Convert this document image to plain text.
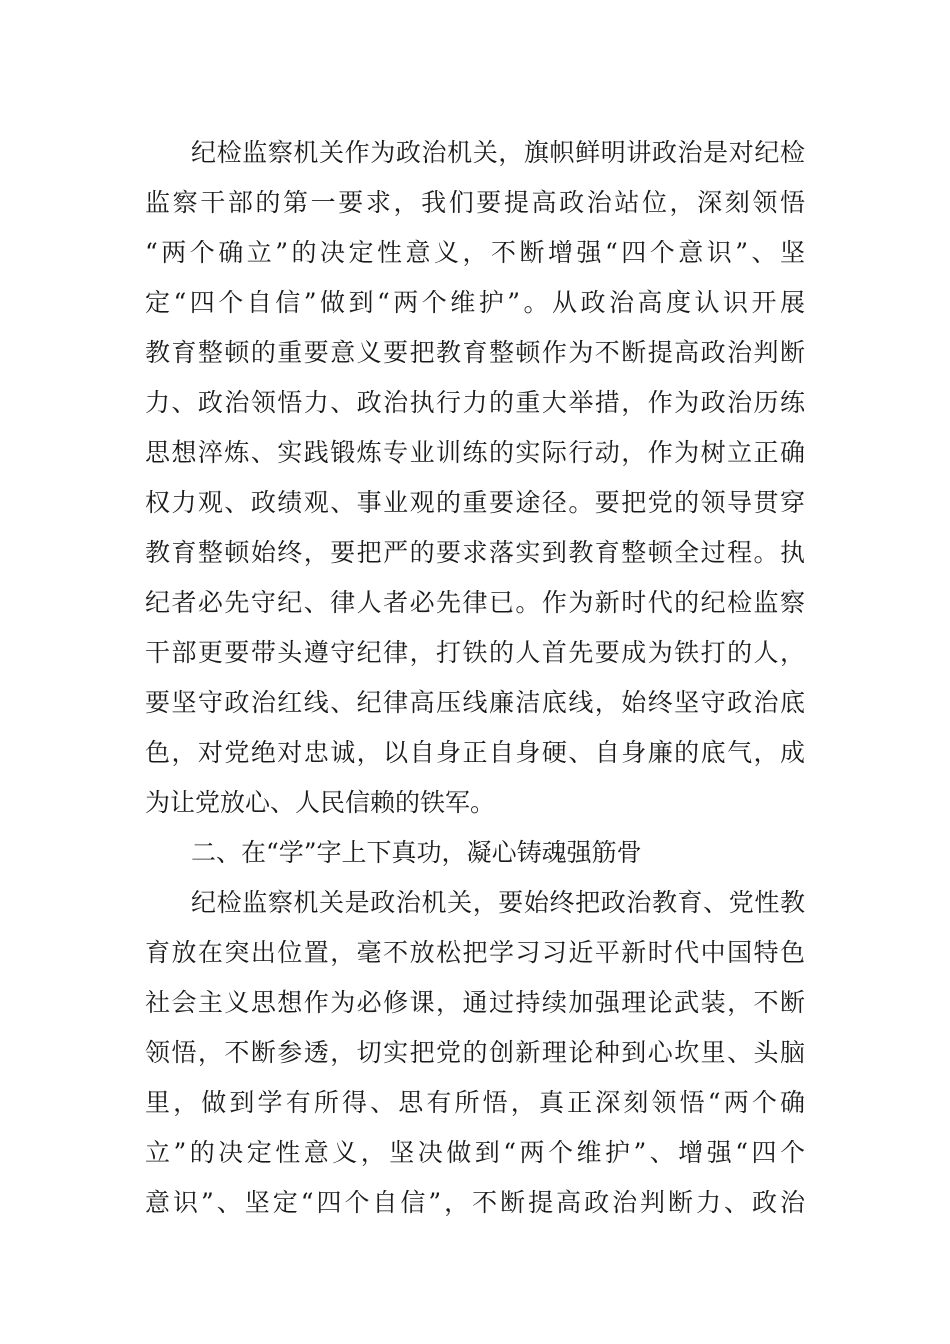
纪检监察机关作为政治机关，旗帜鲜明讲政治是对纪检
监察干部的第一要求，我们要提高政治站位，深刻领悟
“两个确立”的决定性意义，不断增强“四个意识”、坚
定“四个自信”做到“两个维护”。从政治高度认识开展
教育整顿的重要意义要把教育整顿作为不断提高政治判断
力、政治领悟力、政治执行力的重大举措，作为政治历练
思想淬炼、实践锻炼专业训练的实际行动，作为树立正确
权力观、政绩观、事业观的重要途径。要把党的领导贯穿
教育整顿始终，要把严的要求落实到教育整顿全过程。执
纪者必先守纪、律人者必先律已。作为新时代的纪检监察
干部更要带头遵守纪律，打铁的人首先要成为铁打的人，
要坚守政治红线、纪律高压线廉洁底线，始终坚守政治底
色，对党绝对忠诚，以自身正自身硬、自身廉的底气，成
为让党放心、人民信赖的铁军。
二、在“学”字上下真功，凝心铸魂强筋骨
纪检监察机关是政治机关，要始终把政治教育、党性教
育放在突出位置，毫不放松把学习习近平新时代中国特色
社会主义思想作为必修课，通过持续加强理论武装，不断
领悟，不断参透，切实把党的创新理论种到心坎里、头脑
里，做到学有所得、思有所悟，真正深刻领悟“两个确
立”的决定性意义，坚决做到“两个维护”、增强“四个
意识”、坚定“四个自信”，不断提高政治判断力、政治
